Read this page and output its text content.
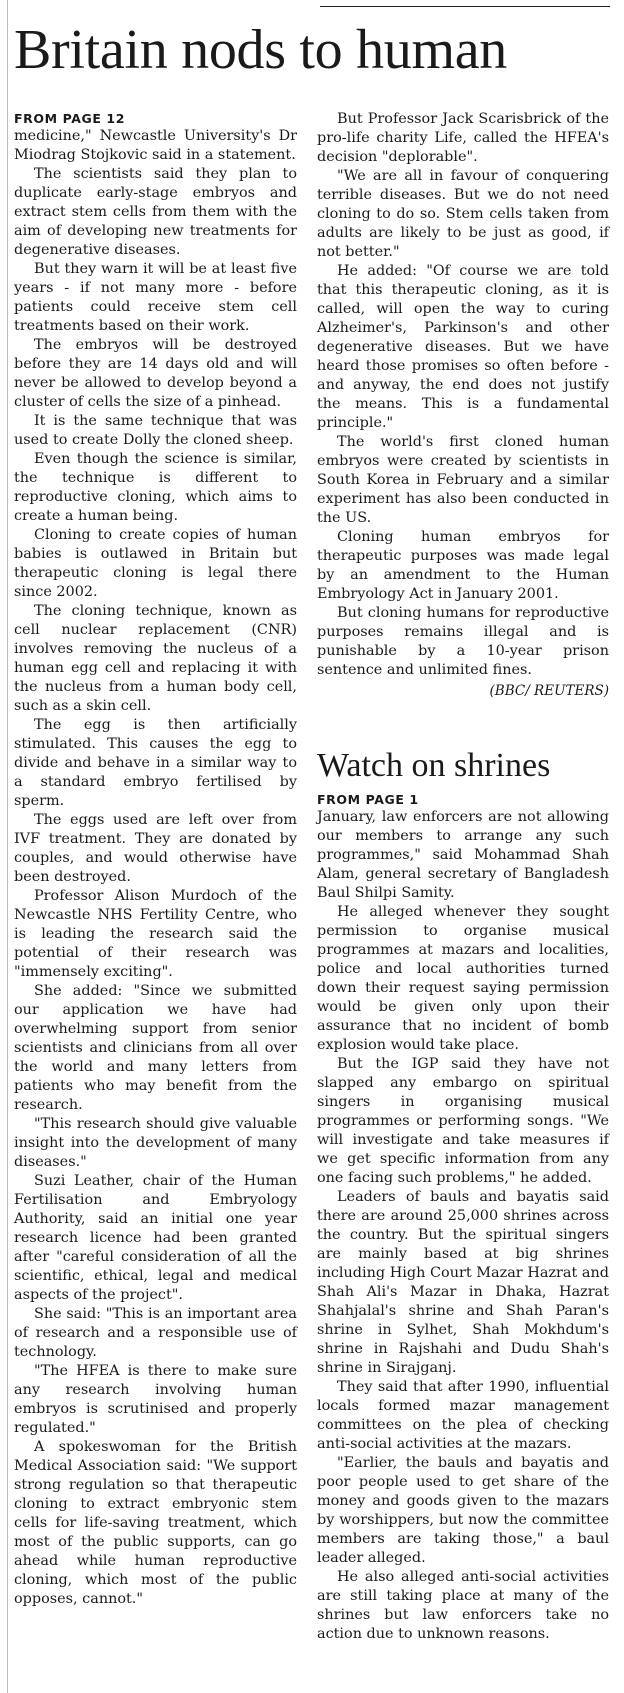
Britain nods to human
FROM PAGE 12

medicine," Newcastle University's Dr Miodrag Stojkovic said in a statement.

The scientists said they plan to duplicate early-stage embryos and extract stem cells from them with the aim of developing new treatments for degenerative diseases.

But they warn it will be at least five years - if not many more - before patients could receive stem cell treatments based on their work.

The embryos will be destroyed before they are 14 days old and will never be allowed to develop beyond a cluster of cells the size of a pinhead.

It is the same technique that was used to create Dolly the cloned sheep.

Even though the science is similar, the technique is different to reproductive cloning, which aims to create a human being.

Cloning to create copies of human babies is outlawed in Britain but therapeutic cloning is legal there since 2002.

The cloning technique, known as cell nuclear replacement (CNR) involves removing the nucleus of a human egg cell and replacing it with the nucleus from a human body cell, such as a skin cell.

The egg is then artificially stimulated. This causes the egg to divide and behave in a similar way to a standard embryo fertilised by sperm.

The eggs used are left over from IVF treatment. They are donated by couples, and would otherwise have been destroyed.

Professor Alison Murdoch of the Newcastle NHS Fertility Centre, who is leading the research said the potential of their research was "immensely exciting".

She added: "Since we submitted our application we have had overwhelming support from senior scientists and clinicians from all over the world and many letters from patients who may benefit from the research.

"This research should give valuable insight into the development of many diseases."

Suzi Leather, chair of the Human Fertilisation and Embryology Authority, said an initial one year research licence had been granted after "careful consideration of all the scientific, ethical, legal and medical aspects of the project".

She said: "This is an important area of research and a responsible use of technology.

"The HFEA is there to make sure any research involving human embryos is scrutinised and properly regulated."

A spokeswoman for the British Medical Association said: "We support strong regulation so that therapeutic cloning to extract embryonic stem cells for life-saving treatment, which most of the public supports, can go ahead while human reproductive cloning, which most of the public opposes, cannot."

But Professor Jack Scarisbrick of the pro-life charity Life, called the HFEA's decision "deplorable".

"We are all in favour of conquering terrible diseases. But we do not need cloning to do so. Stem cells taken from adults are likely to be just as good, if not better."

He added: "Of course we are told that this therapeutic cloning, as it is called, will open the way to curing Alzheimer's, Parkinson's and other degenerative diseases. But we have heard those promises so often before - and anyway, the end does not justify the means. This is a fundamental principle."

The world's first cloned human embryos were created by scientists in South Korea in February and a similar experiment has also been conducted in the US.

Cloning human embryos for therapeutic purposes was made legal by an amendment to the Human Embryology Act in January 2001.

But cloning humans for reproductive purposes remains illegal and is punishable by a 10-year prison sentence and unlimited fines.

(BBC/ REUTERS)
Watch on shrines
FROM PAGE 1

January, law enforcers are not allowing our members to arrange any such programmes," said Mohammad Shah Alam, general secretary of Bangladesh Baul Shilpi Samity.

He alleged whenever they sought permission to organise musical programmes at mazars and localities, police and local authorities turned down their request saying permission would be given only upon their assurance that no incident of bomb explosion would take place.

But the IGP said they have not slapped any embargo on spiritual singers in organising musical programmes or performing songs. "We will investigate and take measures if we get specific information from any one facing such problems," he added.

Leaders of bauls and bayatis said there are around 25,000 shrines across the country. But the spiritual singers are mainly based at big shrines including High Court Mazar Hazrat and Shah Ali's Mazar in Dhaka, Hazrat Shahjalal's shrine and Shah Paran's shrine in Sylhet, Shah Mokhdum's shrine in Rajshahi and Dudu Shah's shrine in Sirajganj.

They said that after 1990, influential locals formed mazar management committees on the plea of checking anti-social activities at the mazars.

"Earlier, the bauls and bayatis and poor people used to get share of the money and goods given to the mazars by worshippers, but now the committee members are taking those," a baul leader alleged.

He also alleged anti-social activities are still taking place at many of the shrines but law enforcers take no action due to unknown reasons.
